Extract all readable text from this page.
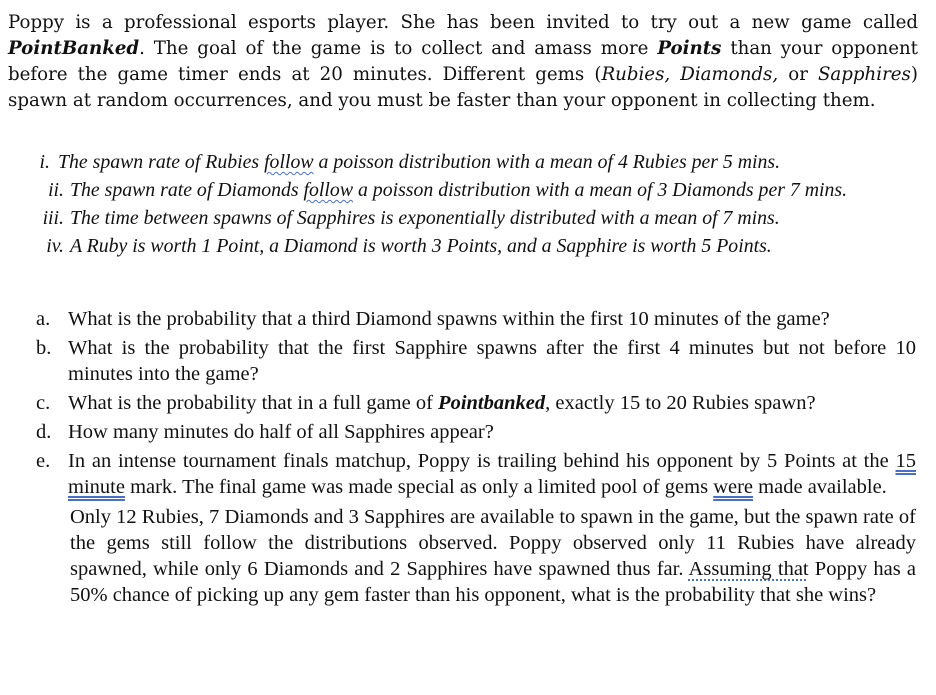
Poppy is a professional esports player. She has been invited to try out a new game called PointBanked. The goal of the game is to collect and amass more Points than your opponent before the game timer ends at 20 minutes. Different gems (Rubies, Diamonds, or Sapphires) spawn at random occurrences, and you must be faster than your opponent in collecting them.
i. The spawn rate of Rubies follow a poisson distribution with a mean of 4 Rubies per 5 mins.
ii. The spawn rate of Diamonds follow a poisson distribution with a mean of 3 Diamonds per 7 mins.
iii. The time between spawns of Sapphires is exponentially distributed with a mean of 7 mins.
iv. A Ruby is worth 1 Point, a Diamond is worth 3 Points, and a Sapphire is worth 5 Points.
a. What is the probability that a third Diamond spawns within the first 10 minutes of the game?
b. What is the probability that the first Sapphire spawns after the first 4 minutes but not before 10 minutes into the game?
c. What is the probability that in a full game of Pointbanked, exactly 15 to 20 Rubies spawn?
d. How many minutes do half of all Sapphires appear?
e. In an intense tournament finals matchup, Poppy is trailing behind his opponent by 5 Points at the 15 minute mark. The final game was made special as only a limited pool of gems were made available.

Only 12 Rubies, 7 Diamonds and 3 Sapphires are available to spawn in the game, but the spawn rate of the gems still follow the distributions observed. Poppy observed only 11 Rubies have already spawned, while only 6 Diamonds and 2 Sapphires have spawned thus far. Assuming that Poppy has a 50% chance of picking up any gem faster than his opponent, what is the probability that she wins?
